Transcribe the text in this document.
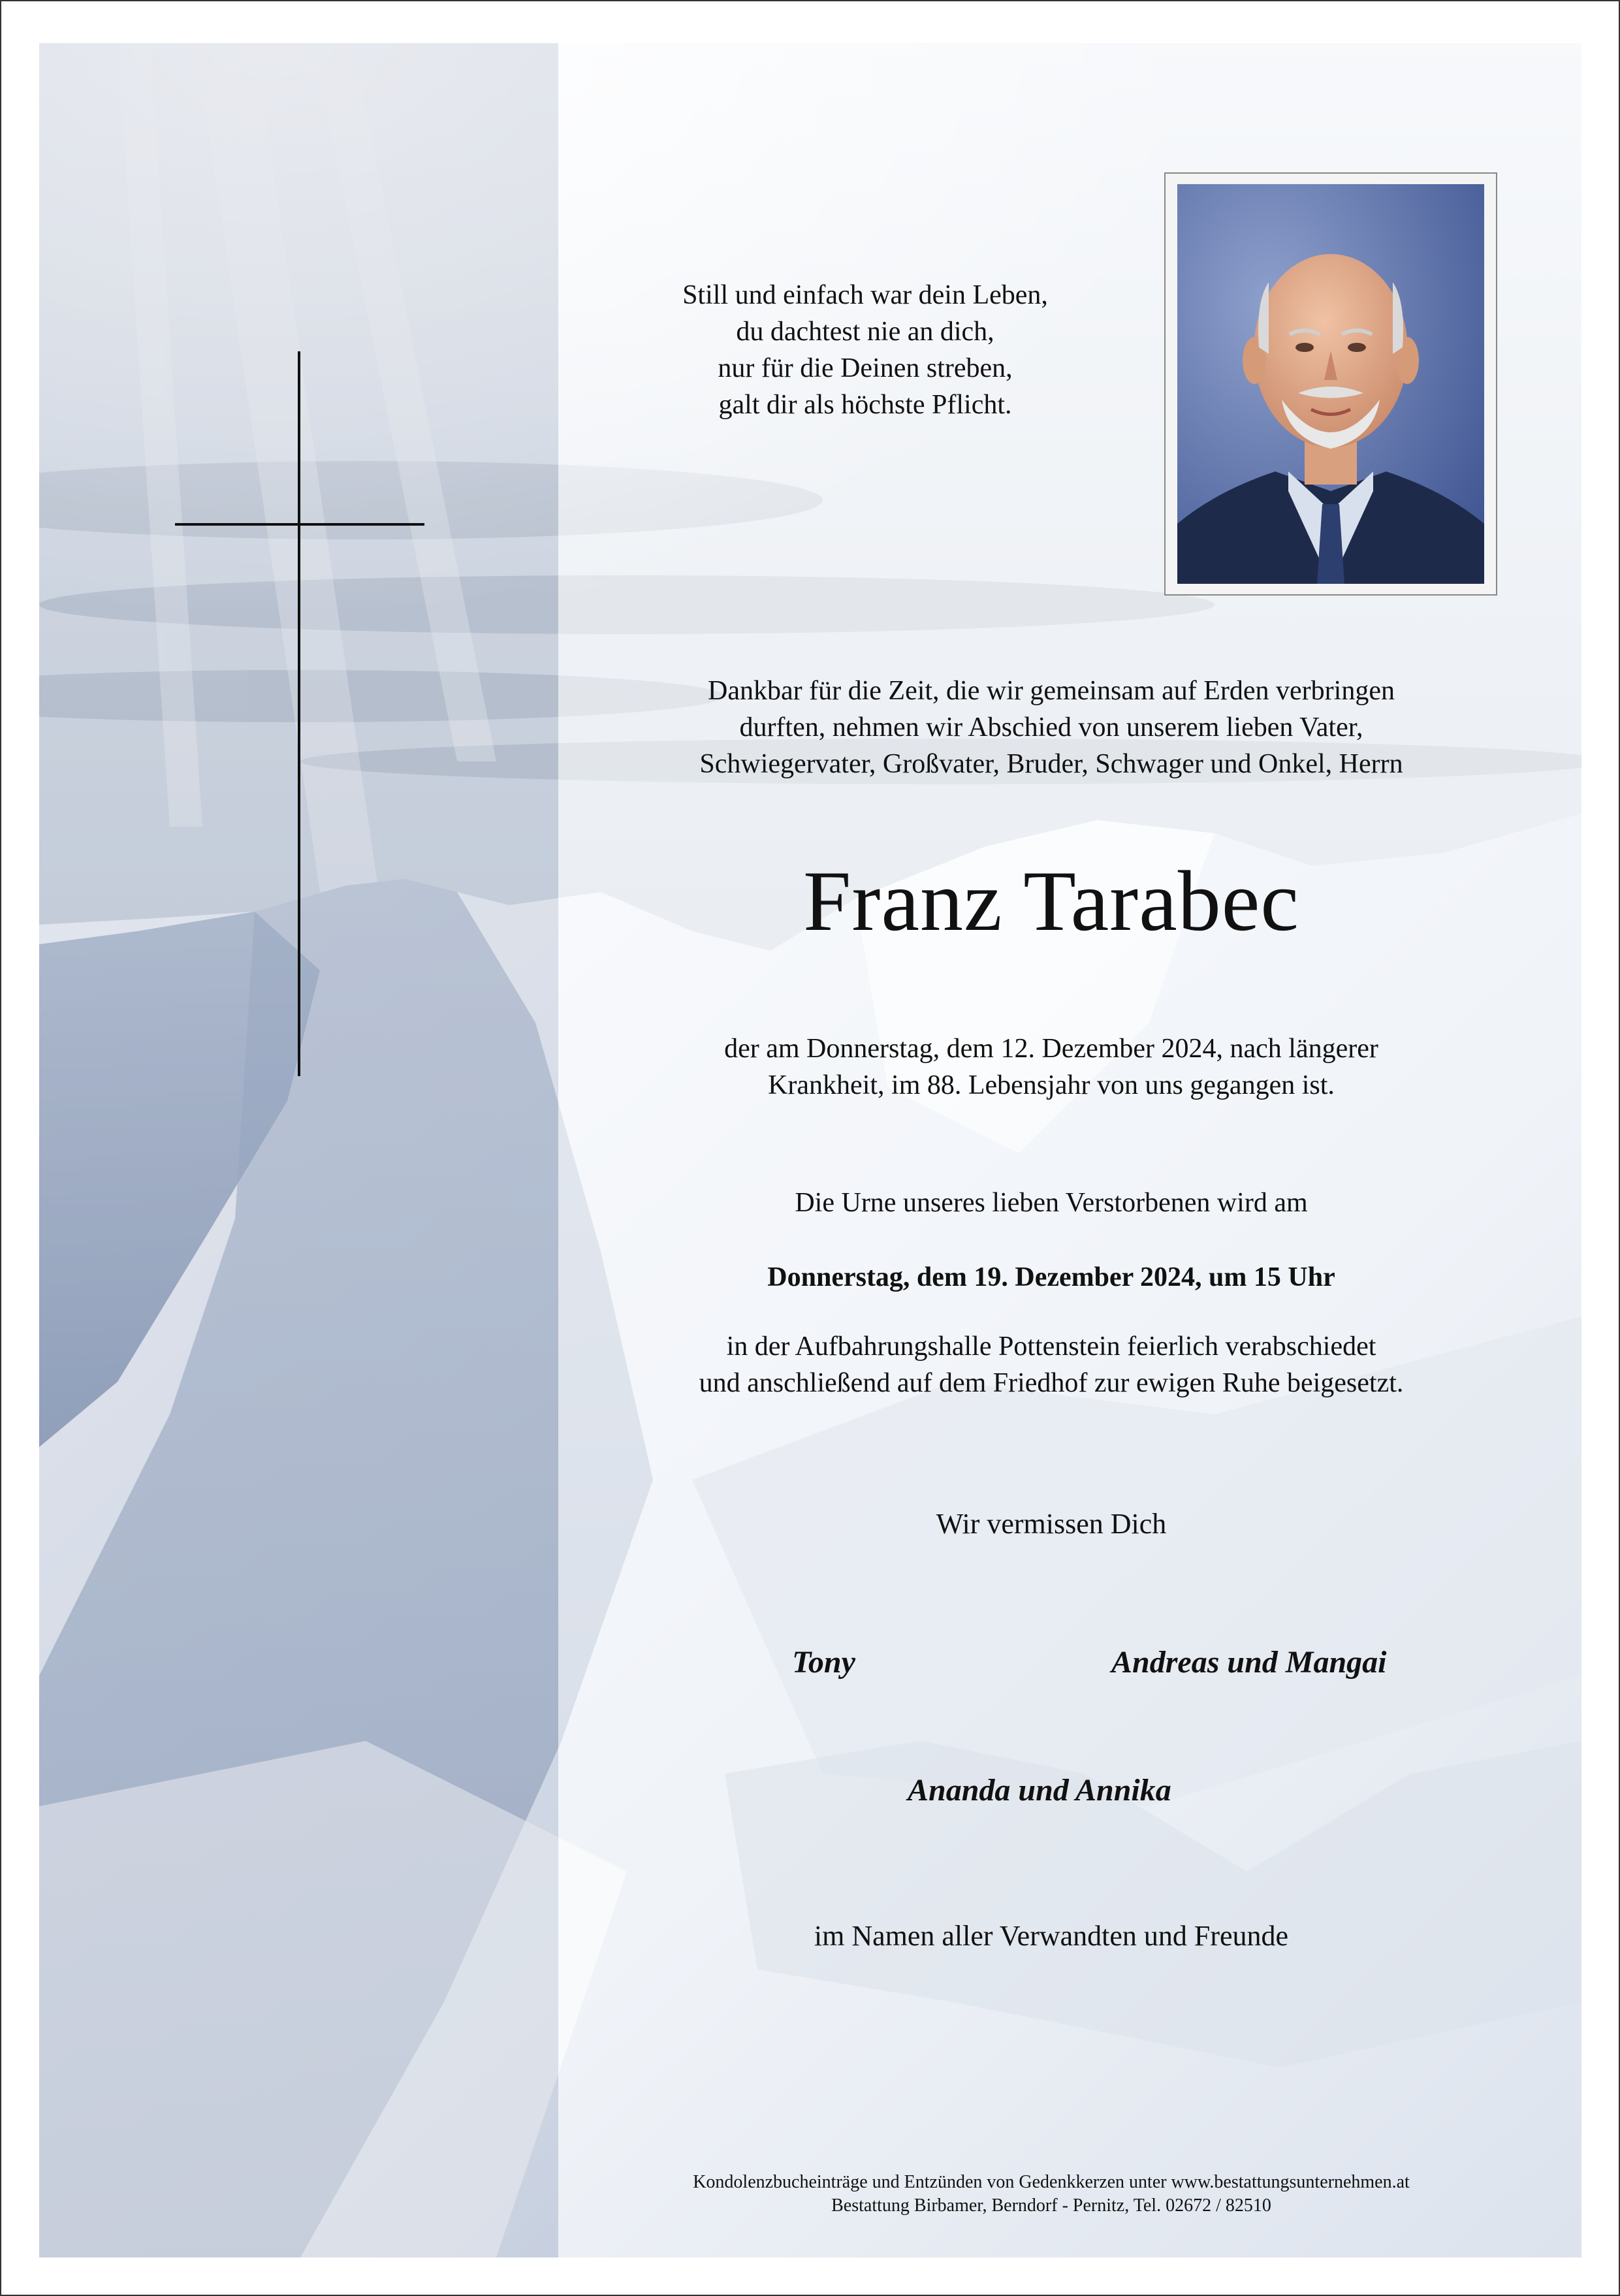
Still und einfach war dein Leben,
du dachtest nie an dich,
nur für die Deinen streben,
galt dir als höchste Pflicht.
Dankbar für die Zeit, die wir gemeinsam auf Erden verbringen
durften, nehmen wir Abschied von unserem lieben Vater,
Schwiegervater, Großvater, Bruder, Schwager und Onkel, Herrn
Franz Tarabec
der am Donnerstag, dem 12. Dezember 2024, nach längerer
Krankheit, im 88. Lebensjahr von uns gegangen ist.
Die Urne unseres lieben Verstorbenen wird am
Donnerstag, dem 19. Dezember 2024, um 15 Uhr
in der Aufbahrungshalle Pottenstein feierlich verabschiedet
und anschließend auf dem Friedhof zur ewigen Ruhe beigesetzt.
Wir vermissen Dich
Tony	Andreas und Mangai
Ananda und Annika
im Namen aller Verwandten und Freunde
Kondolenzbucheinträge und Entzünden von Gedenkkerzen unter www.bestattungsunternehmen.at
Bestattung Birbamer, Berndorf - Pernitz, Tel. 02672 / 82510
